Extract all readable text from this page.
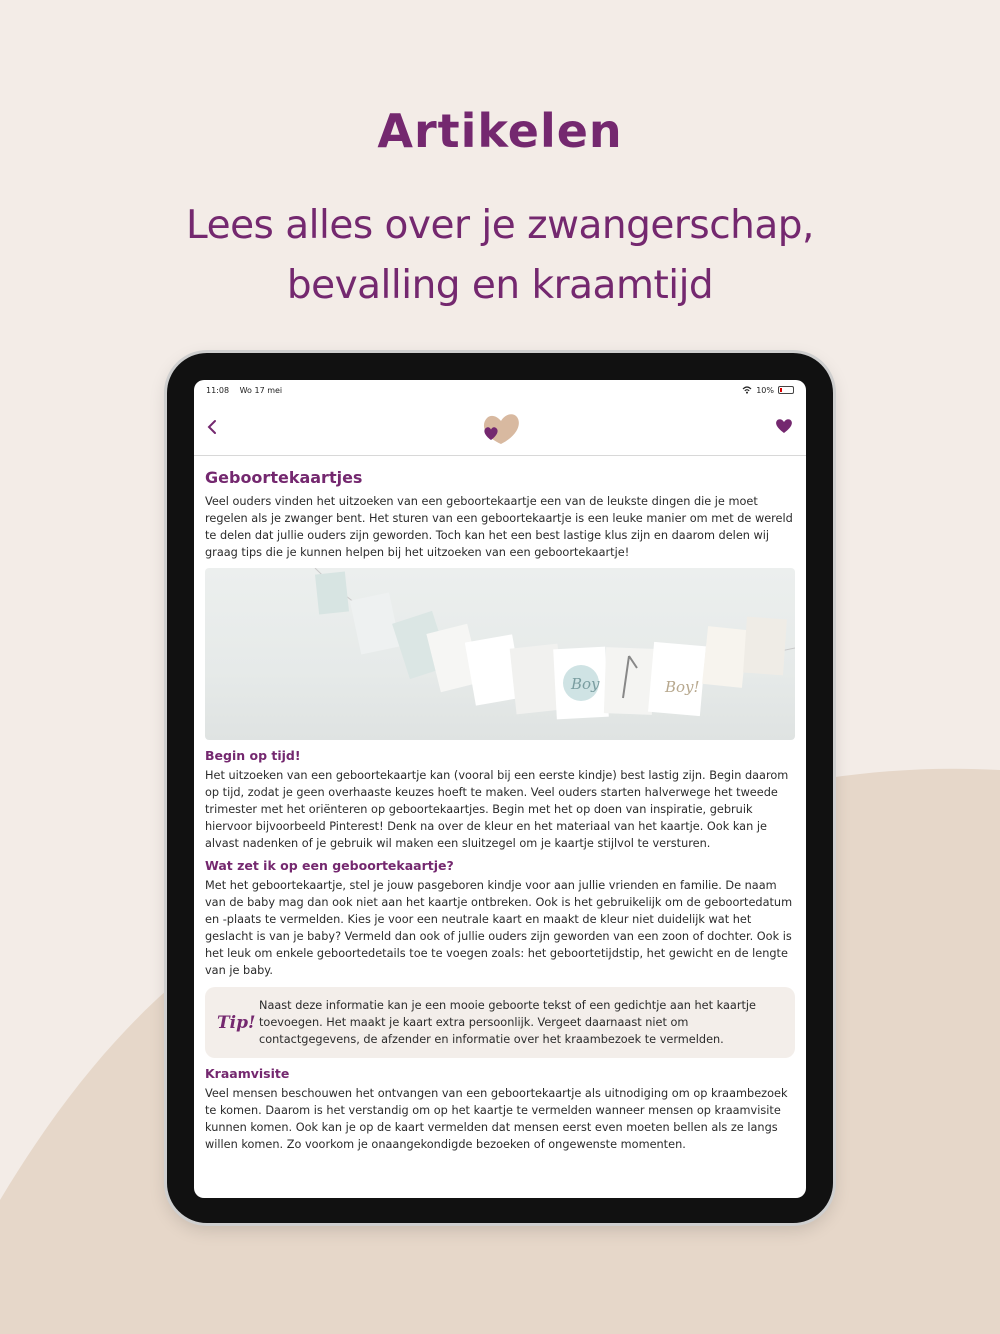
Artikelen
Lees alles over je zwangerschap,
bevalling en kraamtijd
11:08 Wo 17 mei	10%
Geboortekaartjes
Veel ouders vinden het uitzoeken van een geboortekaartje een van de leukste dingen die je moet regelen als je zwanger bent. Het sturen van een geboortekaartje is een leuke manier om met de wereld te delen dat jullie ouders zijn geworden. Toch kan het een best lastige klus zijn en daarom delen wij graag tips die je kunnen helpen bij het uitzoeken van een geboortekaartje!
Boy	Boy!
Begin op tijd!
Het uitzoeken van een geboortekaartje kan (vooral bij een eerste kindje) best lastig zijn. Begin daarom op tijd, zodat je geen overhaaste keuzes hoeft te maken. Veel ouders starten halverwege het tweede trimester met het oriënteren op geboortekaartjes. Begin met het op doen van inspiratie, gebruik hiervoor bijvoorbeeld Pinterest! Denk na over de kleur en het materiaal van het kaartje. Ook kan je alvast nadenken of je gebruik wil maken een sluitzegel om je kaartje stijlvol te versturen.
Wat zet ik op een geboortekaartje?
Met het geboortekaartje, stel je jouw pasgeboren kindje voor aan jullie vrienden en familie. De naam van de baby mag dan ook niet aan het kaartje ontbreken. Ook is het gebruikelijk om de geboortedatum en -plaats te vermelden. Kies je voor een neutrale kaart en maakt de kleur niet duidelijk wat het geslacht is van je baby? Vermeld dan ook of jullie ouders zijn geworden van een zoon of dochter. Ook is het leuk om enkele geboortedetails toe te voegen zoals: het geboortetijdstip, het gewicht en de lengte van je baby.
Tip!
Naast deze informatie kan je een mooie geboorte tekst of een gedichtje aan het kaartje toevoegen. Het maakt je kaart extra persoonlijk. Vergeet daarnaast niet om contactgegevens, de afzender en informatie over het kraambezoek te vermelden.
Kraamvisite
Veel mensen beschouwen het ontvangen van een geboortekaartje als uitnodiging om op kraambezoek te komen. Daarom is het verstandig om op het kaartje te vermelden wanneer mensen op kraamvisite kunnen komen. Ook kan je op de kaart vermelden dat mensen eerst even moeten bellen als ze langs willen komen. Zo voorkom je onaangekondigde bezoeken of ongewenste momenten.
